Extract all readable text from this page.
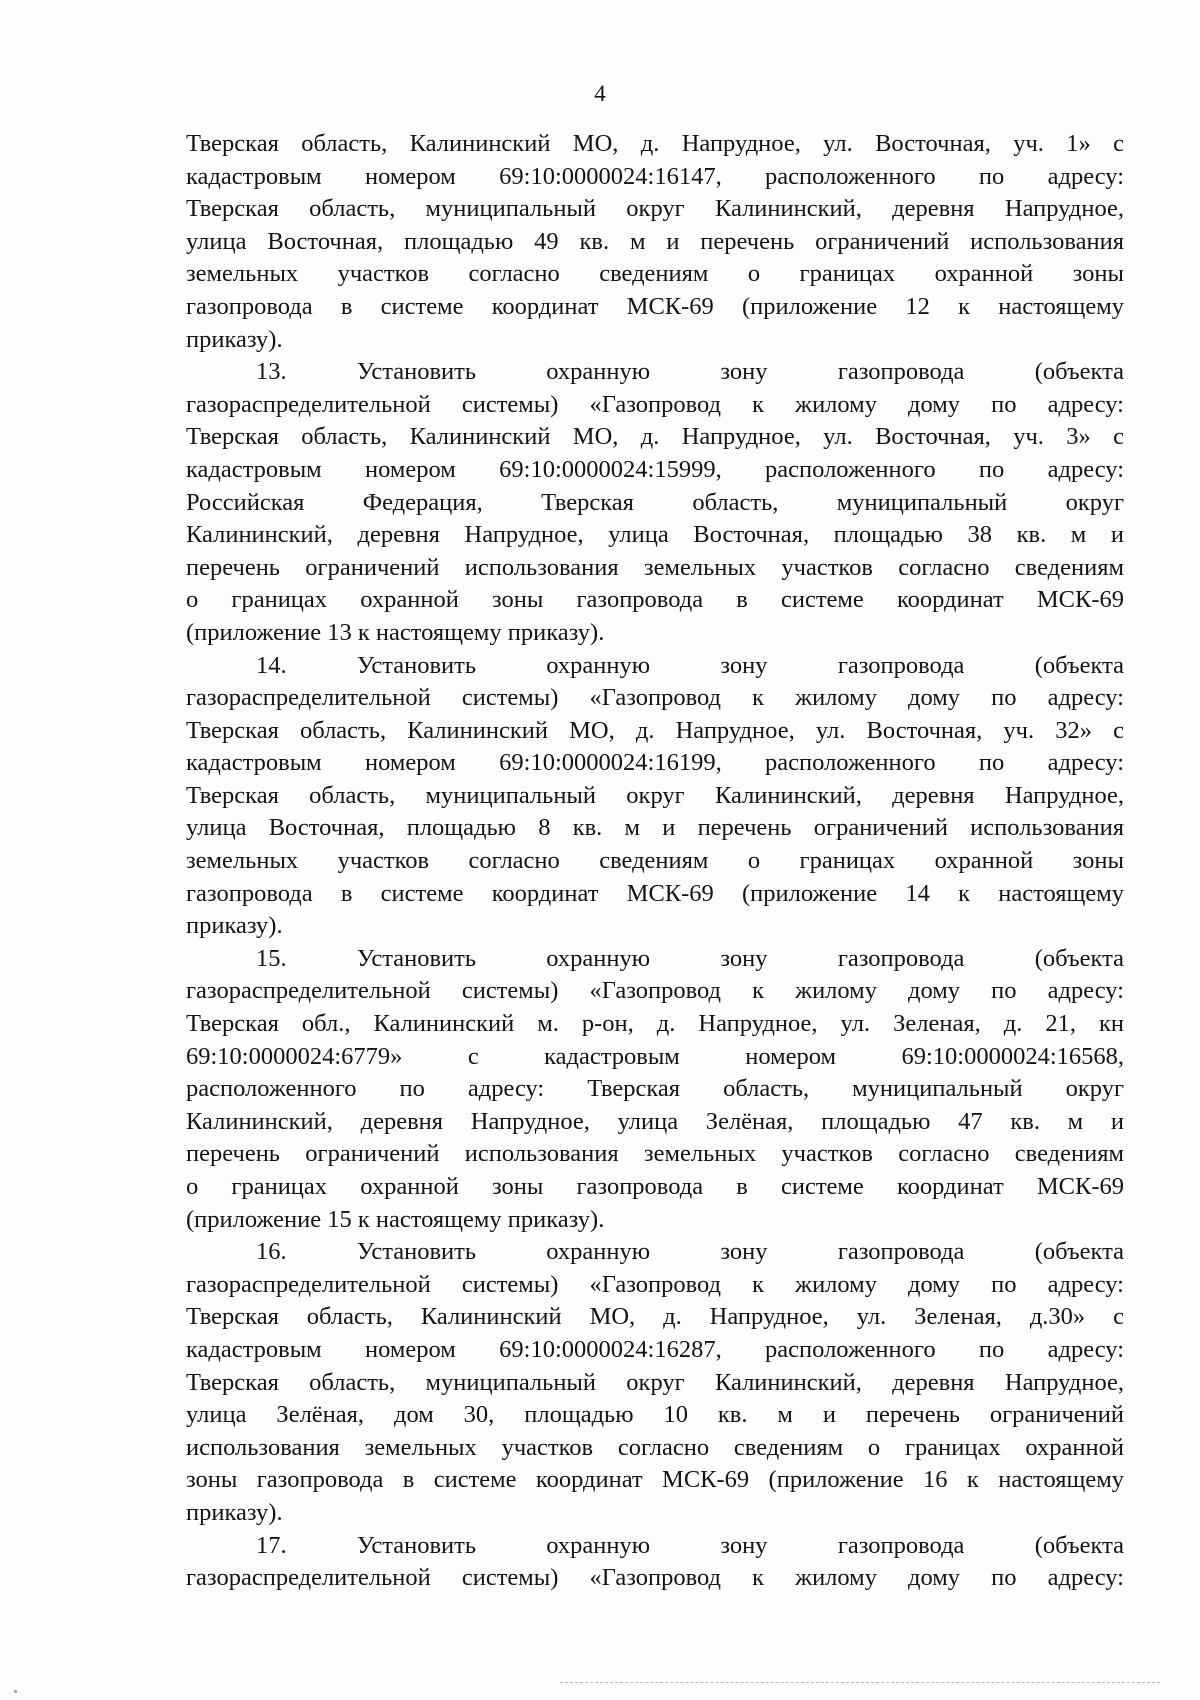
4
Тверская область, Калининский МО, д. Напрудное, ул. Восточная, уч. 1» с
кадастровым номером 69:10:0000024:16147, расположенного по адресу:
Тверская область, муниципальный округ Калининский, деревня Напрудное,
улица Восточная, площадью 49 кв. м и перечень ограничений использования
земельных участков согласно сведениям о границах охранной зоны
газопровода в системе координат МСК-69 (приложение 12 к настоящему
приказу).
13. Установить охранную зону газопровода (объекта
газораспределительной системы) «Газопровод к жилому дому по адресу:
Тверская область, Калининский МО, д. Напрудное, ул. Восточная, уч. 3» с
кадастровым номером 69:10:0000024:15999, расположенного по адресу:
Российская Федерация, Тверская область, муниципальный округ
Калининский, деревня Напрудное, улица Восточная, площадью 38 кв. м и
перечень ограничений использования земельных участков согласно сведениям
о границах охранной зоны газопровода в системе координат МСК-69
(приложение 13 к настоящему приказу).
14. Установить охранную зону газопровода (объекта
газораспределительной системы) «Газопровод к жилому дому по адресу:
Тверская область, Калининский МО, д. Напрудное, ул. Восточная, уч. 32» с
кадастровым номером 69:10:0000024:16199, расположенного по адресу:
Тверская область, муниципальный округ Калининский, деревня Напрудное,
улица Восточная, площадью 8 кв. м и перечень ограничений использования
земельных участков согласно сведениям о границах охранной зоны
газопровода в системе координат МСК-69 (приложение 14 к настоящему
приказу).
15. Установить охранную зону газопровода (объекта
газораспределительной системы) «Газопровод к жилому дому по адресу:
Тверская обл., Калининский м. р-он, д. Напрудное, ул. Зеленая, д. 21, кн
69:10:0000024:6779» с кадастровым номером 69:10:0000024:16568,
расположенного по адресу: Тверская область, муниципальный округ
Калининский, деревня Напрудное, улица Зелёная, площадью 47 кв. м и
перечень ограничений использования земельных участков согласно сведениям
о границах охранной зоны газопровода в системе координат МСК-69
(приложение 15 к настоящему приказу).
16. Установить охранную зону газопровода (объекта
газораспределительной системы) «Газопровод к жилому дому по адресу:
Тверская область, Калининский МО, д. Напрудное, ул. Зеленая, д.30» с
кадастровым номером 69:10:0000024:16287, расположенного по адресу:
Тверская область, муниципальный округ Калининский, деревня Напрудное,
улица Зелёная, дом 30, площадью 10 кв. м и перечень ограничений
использования земельных участков согласно сведениям о границах охранной
зоны газопровода в системе координат МСК-69 (приложение 16 к настоящему
приказу).
17. Установить охранную зону газопровода (объекта
газораспределительной системы) «Газопровод к жилому дому по адресу:
